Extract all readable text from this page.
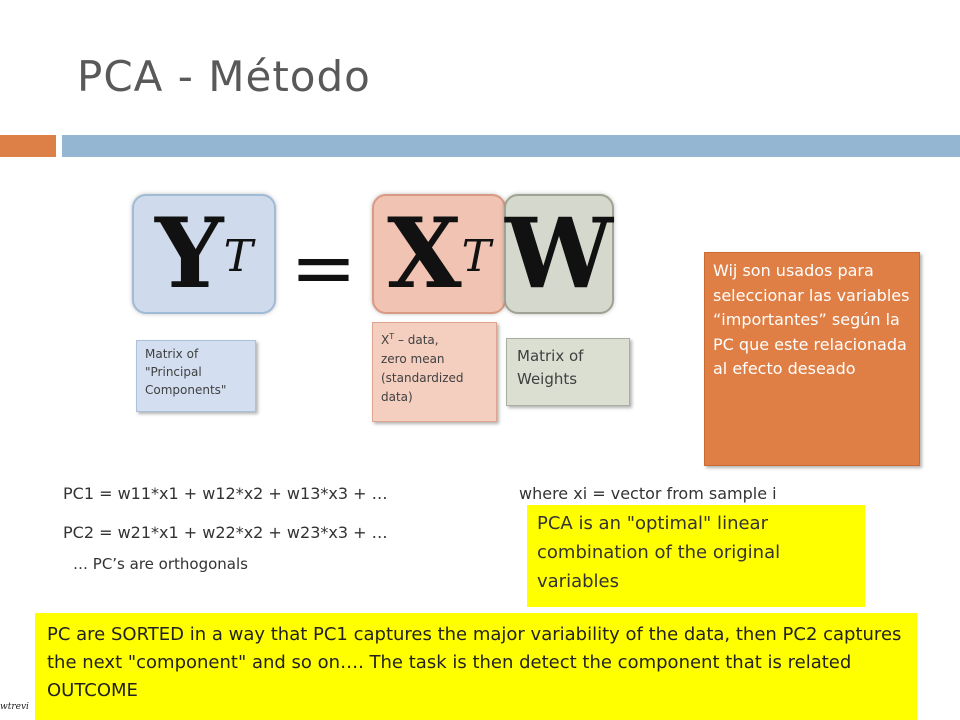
PCA - Método
Y T = X T W
Matrix of
"Principal
Components"
$X^T$ – data,
zero mean
(standardized
data)
Matrix of
Weights
Wij son usados para seleccionar las variables “importantes” según la PC que este relacionada al efecto deseado
PC1 = w11*x1 + w12*x2 + w13*x3 + …	where xi = vector from sample i
PC2 = w21*x1 + w22*x2 + w23*x3 + …
… PC’s are orthogonals
PCA is an "optimal" linear combination of the original variables
PC are SORTED in a way that PC1 captures the major variability of the data, then PC2 captures the next "component" and so on…. The task is then detect the component that is related OUTCOME
wtrevi
